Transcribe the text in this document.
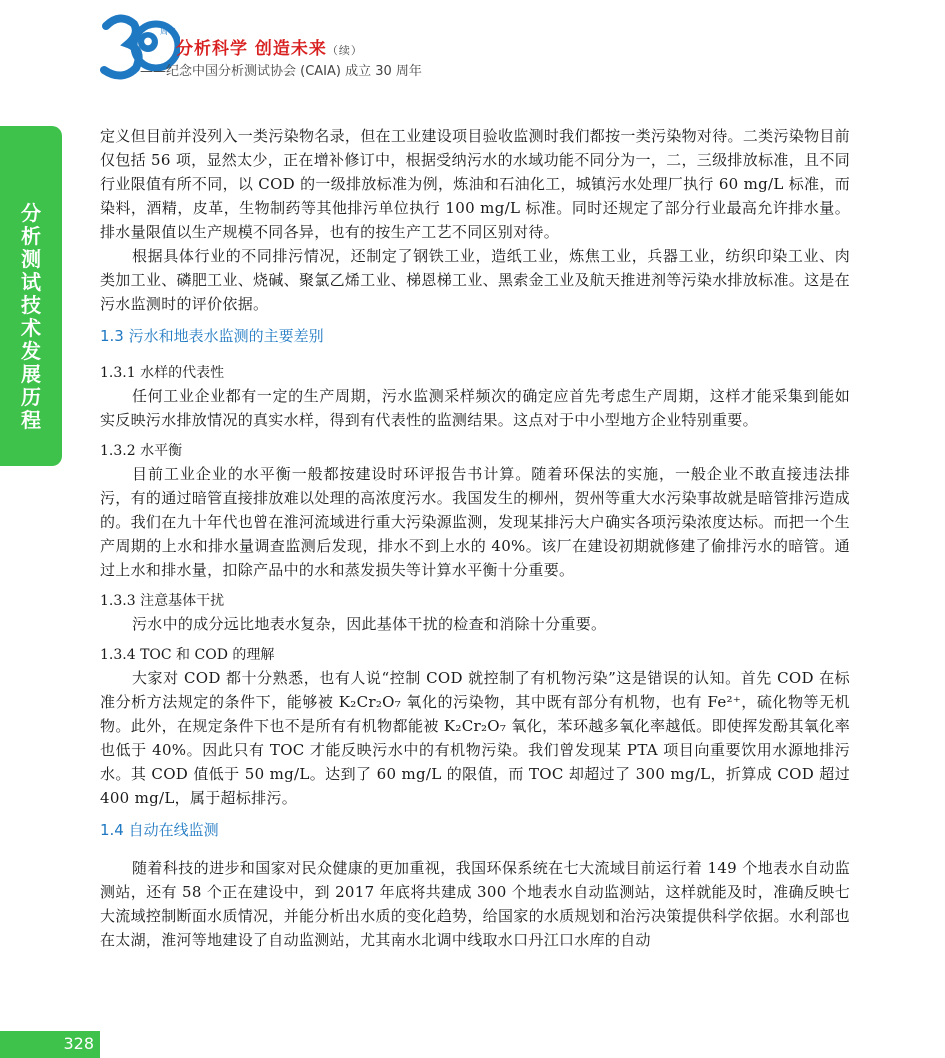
●
周年
分析科学 创造未来（续）
——纪念中国分析测试协会 (CAIA) 成立 30 周年
分析测试技术发展历程
328

定义但目前并没列入一类污染物名录，但在工业建设项目验收监测时我们都按一类污染物对待。二类污染物目前仅包括 56 项，显然太少，正在增补修订中，根据受纳污水的水域功能不同分为一，二，三级排放标准，且不同行业限值有所不同，以 COD 的一级排放标准为例，炼油和石油化工，城镇污水处理厂执行 60 mg/L 标准，而染料，酒精，皮革，生物制药等其他排污单位执行 100 mg/L 标准。同时还规定了部分行业最高允许排水量。排水量限值以生产规模不同各异，也有的按生产工艺不同区别对待。

根据具体行业的不同排污情况，还制定了钢铁工业，造纸工业，炼焦工业，兵器工业，纺织印染工业、肉类加工业、磷肥工业、烧碱、聚氯乙烯工业、梯恩梯工业、黑索金工业及航天推进剂等污染水排放标准。这是在污水监测时的评价依据。

1.3 污水和地表水监测的主要差别
1.3.1 水样的代表性

任何工业企业都有一定的生产周期，污水监测采样频次的确定应首先考虑生产周期，这样才能采集到能如实反映污水排放情况的真实水样，得到有代表性的监测结果。这点对于中小型地方企业特别重要。

1.3.2 水平衡

目前工业企业的水平衡一般都按建设时环评报告书计算。随着环保法的实施，一般企业不敢直接违法排污，有的通过暗管直接排放难以处理的高浓度污水。我国发生的柳州，贺州等重大水污染事故就是暗管排污造成的。我们在九十年代也曾在淮河流域进行重大污染源监测，发现某排污大户确实各项污染浓度达标。而把一个生产周期的上水和排水量调查监测后发现，排水不到上水的 40%。该厂在建设初期就修建了偷排污水的暗管。通过上水和排水量，扣除产品中的水和蒸发损失等计算水平衡十分重要。

1.3.3 注意基体干扰

污水中的成分远比地表水复杂，因此基体干扰的检查和消除十分重要。

1.3.4 TOC 和 COD 的理解

大家对 COD 都十分熟悉，也有人说“控制 COD 就控制了有机物污染”这是错误的认知。首先 COD 在标准分析方法规定的条件下，能够被 K₂Cr₂O₇ 氧化的污染物，其中既有部分有机物，也有 Fe²⁺，硫化物等无机物。此外，在规定条件下也不是所有有机物都能被 K₂Cr₂O₇ 氧化，苯环越多氧化率越低。即使挥发酚其氧化率也低于 40%。因此只有 TOC 才能反映污水中的有机物污染。我们曾发现某 PTA 项目向重要饮用水源地排污水。其 COD 值低于 50 mg/L。达到了 60 mg/L 的限值，而 TOC 却超过了 300 mg/L，折算成 COD 超过 400 mg/L，属于超标排污。

1.4 自动在线监测

随着科技的进步和国家对民众健康的更加重视，我国环保系统在七大流域目前运行着 149 个地表水自动监测站，还有 58 个正在建设中，到 2017 年底将共建成 300 个地表水自动监测站，这样就能及时，准确反映七大流域控制断面水质情况，并能分析出水质的变化趋势，给国家的水质规划和治污决策提供科学依据。水利部也在太湖，淮河等地建设了自动监测站，尤其南水北调中线取水口丹江口水库的自动
